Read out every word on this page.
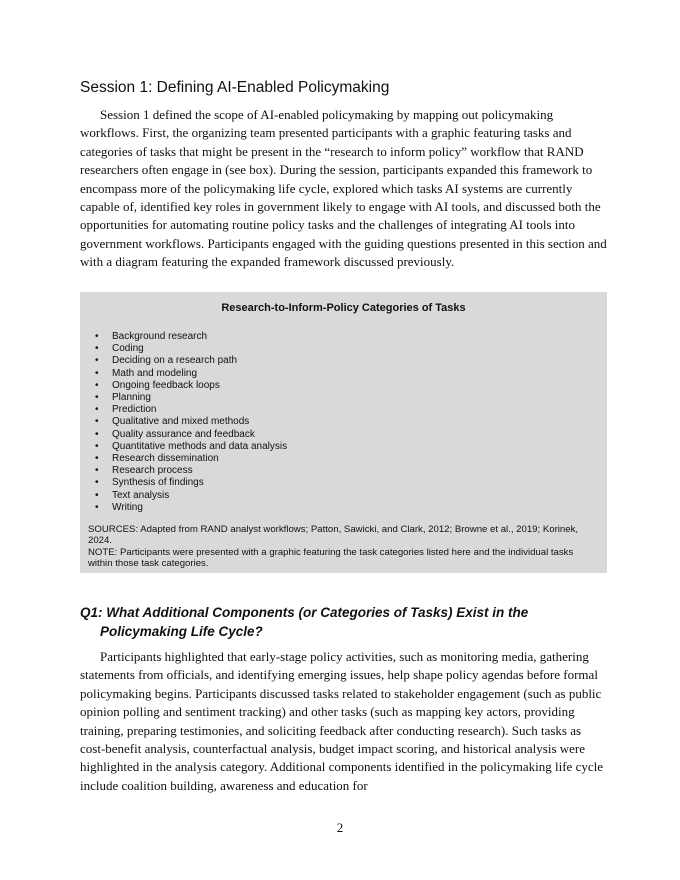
Session 1: Defining AI-Enabled Policymaking

Session 1 defined the scope of AI-enabled policymaking by mapping out policymaking workflows. First, the organizing team presented participants with a graphic featuring tasks and categories of tasks that might be present in the “research to inform policy” workflow that RAND researchers often engage in (see box). During the session, participants expanded this framework to encompass more of the policymaking life cycle, explored which tasks AI systems are currently capable of, identified key roles in government likely to engage with AI tools, and discussed both the opportunities for automating routine policy tasks and the challenges of integrating AI tools into government workflows. Participants engaged with the guiding questions presented in this section and with a diagram featuring the expanded framework discussed previously.

Research-to-Inform-Policy Categories of Tasks

• Background research
• Coding
• Deciding on a research path
• Math and modeling
• Ongoing feedback loops
• Planning
• Prediction
• Qualitative and mixed methods
• Quality assurance and feedback
• Quantitative methods and data analysis
• Research dissemination
• Research process
• Synthesis of findings
• Text analysis
• Writing

SOURCES: Adapted from RAND analyst workflows; Patton, Sawicki, and Clark, 2012; Browne et al., 2019; Korinek, 2024.

NOTE: Participants were presented with a graphic featuring the task categories listed here and the individual tasks within those task categories.

Q1: What Additional Components (or Categories of Tasks) Exist in the Policymaking Life Cycle?

Participants highlighted that early-stage policy activities, such as monitoring media, gathering statements from officials, and identifying emerging issues, help shape policy agendas before formal policymaking begins. Participants discussed tasks related to stakeholder engagement (such as public opinion polling and sentiment tracking) and other tasks (such as mapping key actors, providing training, preparing testimonies, and soliciting feedback after conducting research). Such tasks as cost-benefit analysis, counterfactual analysis, budget impact scoring, and historical analysis were highlighted in the analysis category. Additional components identified in the policymaking life cycle include coalition building, awareness and education for

2
